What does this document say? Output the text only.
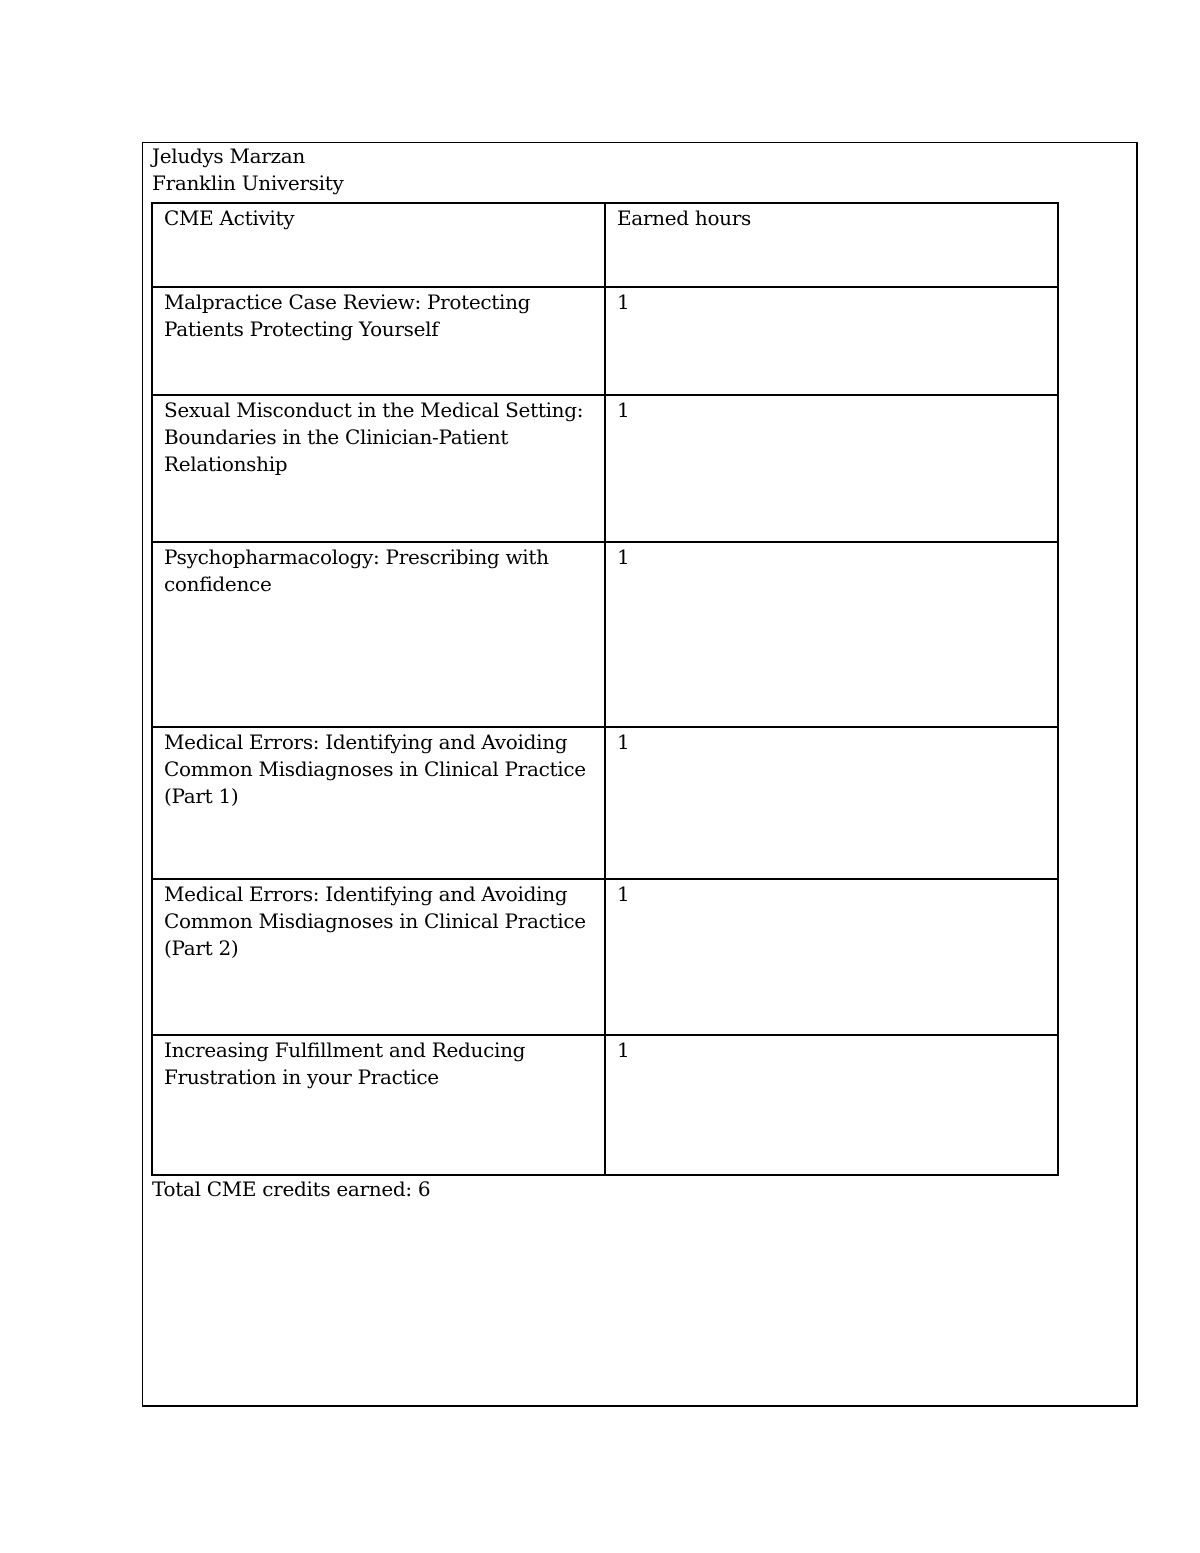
Jeludys Marzan
Franklin University
CME Activity	Earned hours
Malpractice Case Review: Protecting Patients Protecting Yourself	1
Sexual Misconduct in the Medical Setting: Boundaries in the Clinician-Patient Relationship	1
Psychopharmacology: Prescribing with confidence	1
Medical Errors: Identifying and Avoiding Common Misdiagnoses in Clinical Practice (Part 1)	1
Medical Errors: Identifying and Avoiding Common Misdiagnoses in Clinical Practice (Part 2)	1
Increasing Fulfillment and Reducing Frustration in your Practice	1
Total CME credits earned: 6
